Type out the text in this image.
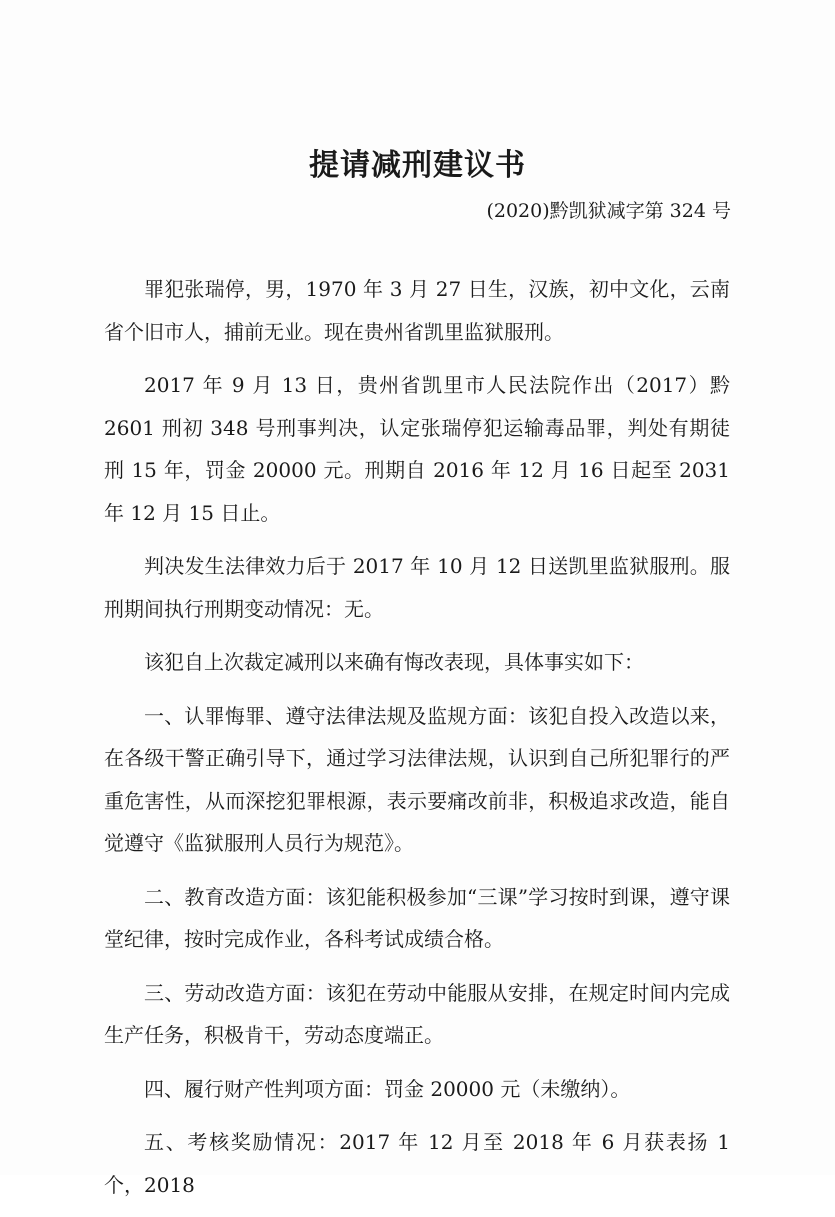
提请减刑建议书
(2020)黔凯狱减字第 324 号

罪犯张瑞停，男，1970 年 3 月 27 日生，汉族，初中文化，云南省个旧市人，捕前无业。现在贵州省凯里监狱服刑。

2017 年 9 月 13 日，贵州省凯里市人民法院作出（2017）黔 2601 刑初 348 号刑事判决，认定张瑞停犯运输毒品罪，判处有期徒刑 15 年，罚金 20000 元。刑期自 2016 年 12 月 16 日起至 2031 年 12 月 15 日止。

判决发生法律效力后于 2017 年 10 月 12 日送凯里监狱服刑。服刑期间执行刑期变动情况：无。

该犯自上次裁定减刑以来确有悔改表现，具体事实如下：

一、认罪悔罪、遵守法律法规及监规方面：该犯自投入改造以来，在各级干警正确引导下，通过学习法律法规，认识到自己所犯罪行的严重危害性，从而深挖犯罪根源，表示要痛改前非，积极追求改造，能自觉遵守《监狱服刑人员行为规范》。

二、教育改造方面：该犯能积极参加“三课”学习按时到课，遵守课堂纪律，按时完成作业，各科考试成绩合格。

三、劳动改造方面：该犯在劳动中能服从安排，在规定时间内完成生产任务，积极肯干，劳动态度端正。

四、履行财产性判项方面：罚金 20000 元（未缴纳）。

五、考核奖励情况：2017 年 12 月至 2018 年 6 月获表扬 1 个，2018
